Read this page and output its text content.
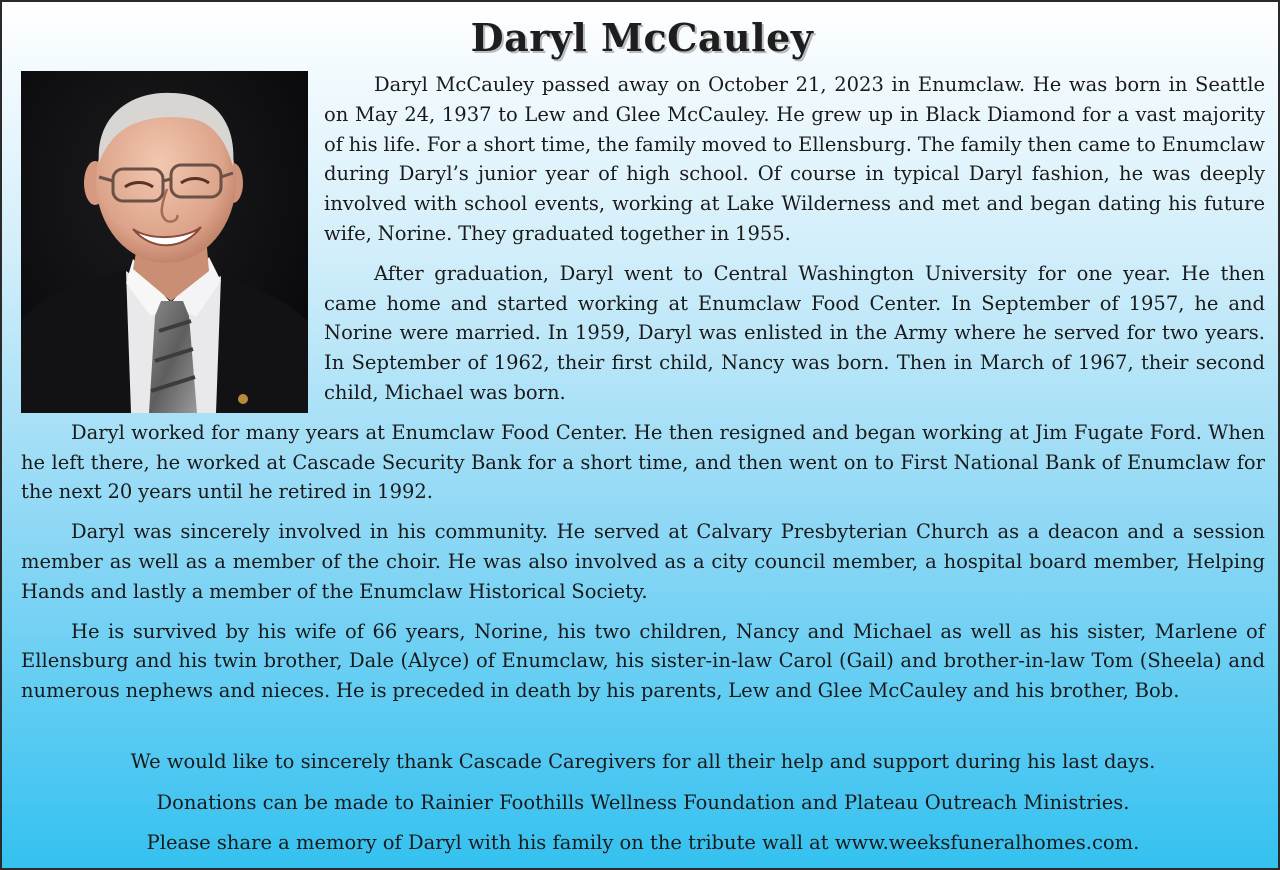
Daryl McCauley

Daryl McCauley passed away on October 21, 2023 in Enumclaw. He was born in Seattle on May 24, 1937 to Lew and Glee McCauley. He grew up in Black Diamond for a vast majority of his life. For a short time, the family moved to Ellensburg. The family then came to Enumclaw during Daryl’s junior year of high school. Of course in typical Daryl fashion, he was deeply involved with school events, working at Lake Wilderness and met and began dating his future wife, Norine. They graduated together in 1955.

After graduation, Daryl went to Central Washington University for one year. He then came home and started working at Enumclaw Food Center. In September of 1957, he and Norine were married. In 1959, Daryl was enlisted in the Army where he served for two years. In September of 1962, their first child, Nancy was born. Then in March of 1967, their second child, Michael was born.

Daryl worked for many years at Enumclaw Food Center. He then resigned and began working at Jim Fugate Ford. When he left there, he worked at Cascade Security Bank for a short time, and then went on to First National Bank of Enumclaw for the next 20 years until he retired in 1992.

Daryl was sincerely involved in his community. He served at Calvary Presbyterian Church as a deacon and a session member as well as a member of the choir. He was also involved as a city council member, a hospital board member, Helping Hands and lastly a member of the Enumclaw Historical Society.

He is survived by his wife of 66 years, Norine, his two children, Nancy and Michael as well as his sister, Marlene of Ellensburg and his twin brother, Dale (Alyce) of Enumclaw, his sister-in-law Carol (Gail) and brother-in-law Tom (Sheela) and numerous nephews and nieces. He is preceded in death by his parents, Lew and Glee McCauley and his brother, Bob.

We would like to sincerely thank Cascade Caregivers for all their help and support during his last days.

Donations can be made to Rainier Foothills Wellness Foundation and Plateau Outreach Ministries.

Please share a memory of Daryl with his family on the tribute wall at www.weeksfuneralhomes.com.
